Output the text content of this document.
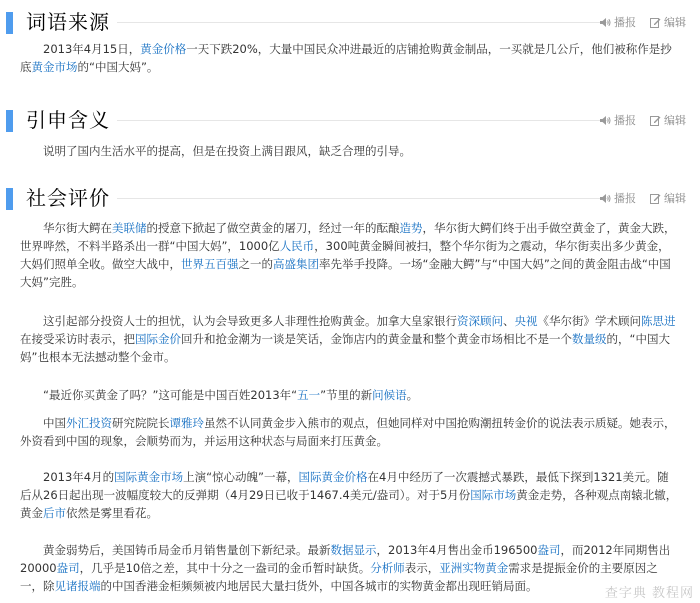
词语来源	播报	编辑

2013年4月15日，黄金价格一天下跌20%，大量中国民众冲进最近的店铺抢购黄金制品，一买就是几公斤，他们被称作是抄底黄金市场的“中国大妈”。

引申含义	播报	编辑

说明了国内生活水平的提高，但是在投资上满目跟风，缺乏合理的引导。

社会评价	播报	编辑

华尔街大鳄在美联储的授意下掀起了做空黄金的屠刀，经过一年的酝酿造势，华尔街大鳄们终于出手做空黄金了，黄金大跌，世界哗然，不料半路杀出一群“中国大妈”，1000亿人民币，300吨黄金瞬间被扫，整个华尔街为之震动，华尔街卖出多少黄金，大妈们照单全收。做空大战中，世界五百强之一的高盛集团率先举手投降。一场“金融大鳄”与“中国大妈”之间的黄金阻击战“中国大妈”完胜。

这引起部分投资人士的担忧，认为会导致更多人非理性抢购黄金。加拿大皇家银行资深顾问、央视《华尔街》学术顾问陈思进在接受采访时表示，把国际金价回升和抢金潮为一谈是笑话，金饰店内的黄金量和整个黄金市场相比不是一个数量级的，“中国大妈”也根本无法撼动整个金市。

“最近你买黄金了吗？”这可能是中国百姓2013年“五一”节里的新问候语。

中国外汇投资研究院院长谭雅玲虽然不认同黄金步入熊市的观点，但她同样对中国抢购潮扭转金价的说法表示质疑。她表示，外资看到中国的现象，会顺势而为，并运用这种状态与局面来打压黄金。

2013年4月的国际黄金市场上演“惊心动魄”一幕，国际黄金价格在4月中经历了一次震撼式暴跌，最低下探到1321美元。随后从26日起出现一波幅度较大的反弹期（4月29日已收于1467.4美元/盎司）。对于5月份国际市场黄金走势，各种观点南辕北辙，黄金后市依然是雾里看花。

黄金弱势后，美国铸币局金币月销售量创下新纪录。最新数据显示，2013年4月售出金币196500盎司，而2012年同期售出20000盎司，几乎是10倍之差，其中十分之一盎司的金币暂时缺货。分析师表示，亚洲实物黄金需求是提振金价的主要原因之一，除见诸报端的中国香港金柜频频被内地居民大量扫货外，中国各城市的实物黄金都出现旺销局面。	查字典 教程网
